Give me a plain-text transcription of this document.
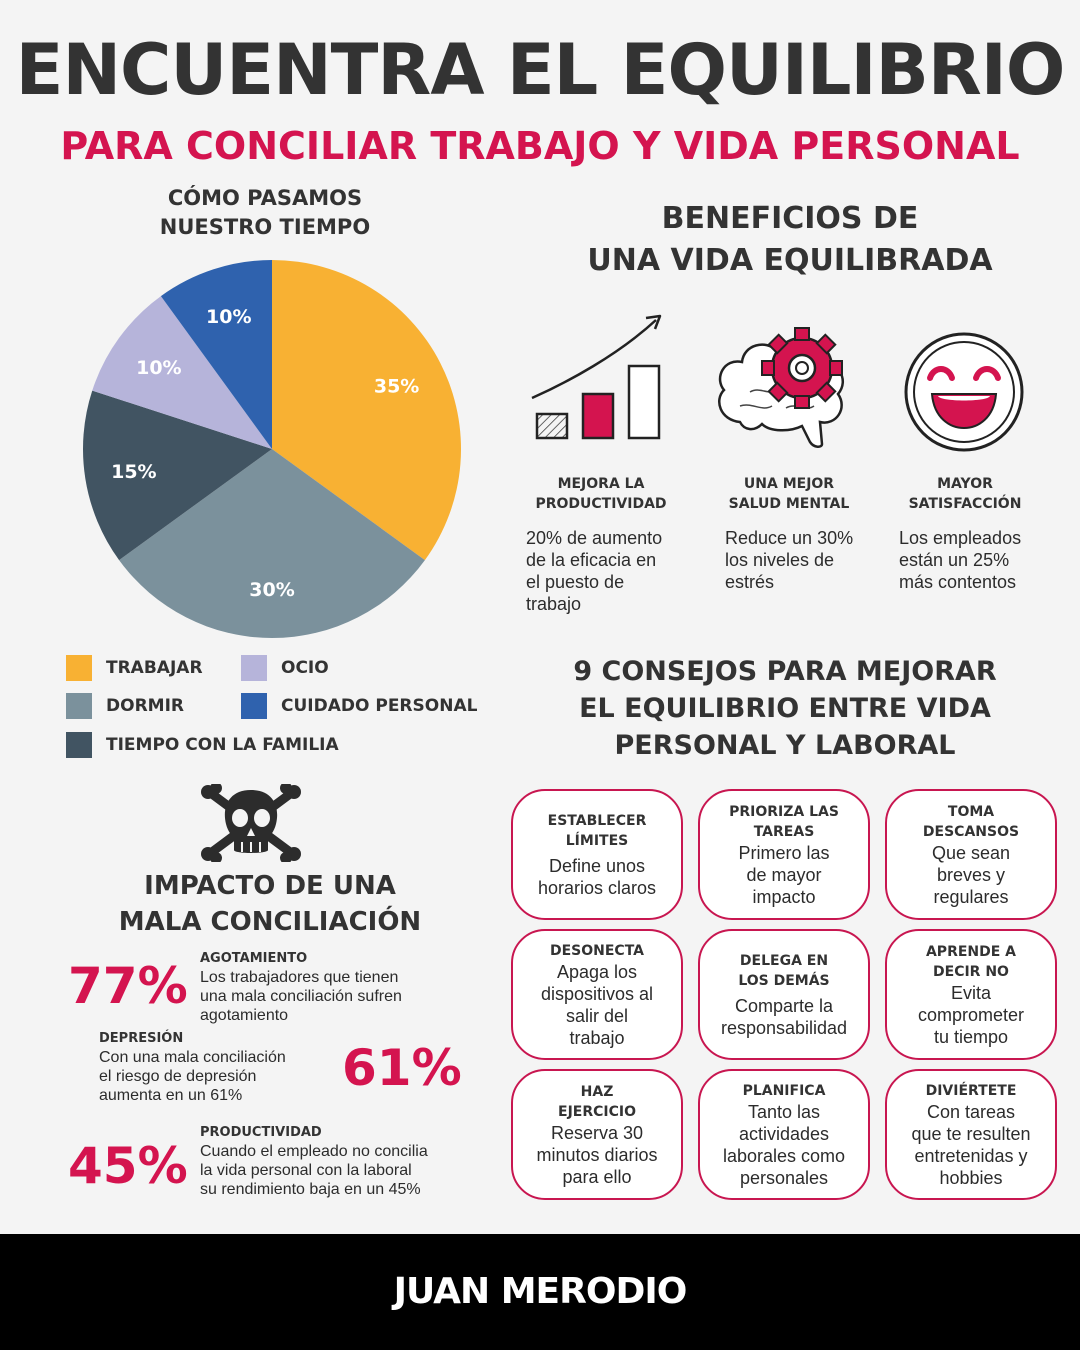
ENCUENTRA EL EQUILIBRIO
PARA CONCILIAR TRABAJO Y VIDA PERSONAL
CÓMO PASAMOS
NUESTRO TIEMPO
35%
30%
15%
10%
10%
TRABAJAR
DORMIR
TIEMPO CON LA FAMILIA
OCIO
CUIDADO PERSONAL
BENEFICIOS DE
UNA VIDA EQUILIBRADA
MEJORA LA
PRODUCTIVIDAD
20% de aumento
de la eficacia en
el puesto de
trabajo
UNA MEJOR
SALUD MENTAL
Reduce un 30%
los niveles de
estrés
MAYOR
SATISFACCIÓN
Los empleados
están un 25%
más contentos
9 CONSEJOS PARA MEJORAR
EL EQUILIBRIO ENTRE VIDA
PERSONAL Y LABORAL
ESTABLECER
LÍMITES
Define unos
horarios claros
PRIORIZA LAS
TAREAS
Primero las
de mayor
impacto
TOMA
DESCANSOS
Que sean
breves y
regulares
DESONECTA
Apaga los
dispositivos al
salir del
trabajo
DELEGA EN
LOS DEMÁS
Comparte la
responsabilidad
APRENDE A
DECIR NO
Evita
comprometer
tu tiempo
HAZ
EJERCICIO
Reserva 30
minutos diarios
para ello
PLANIFICA
Tanto las
actividades
laborales como
personales
DIVIÉRTETE
Con tareas
que te resulten
entretenidas y
hobbies
IMPACTO DE UNA
MALA CONCILIACIÓN
77% AGOTAMIENTO
Los trabajadores que tienen
una mala conciliación sufren
agotamiento
DEPRESIÓN
Con una mala conciliación
el riesgo de depresión
aumenta en un 61%	61%
45%
PRODUCTIVIDAD
Cuando el empleado no concilia
la vida personal con la laboral
su rendimiento baja en un 45%
JUAN MERODIO
